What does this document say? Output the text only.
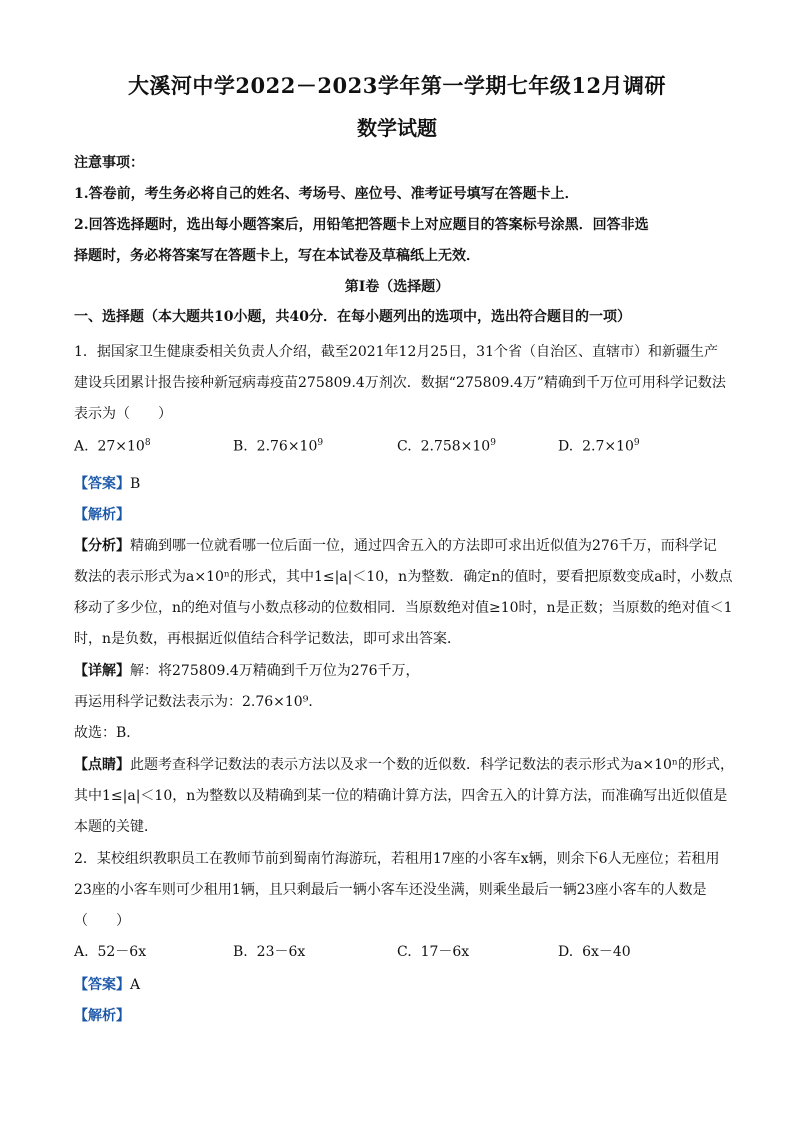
大溪河中学2022－2023学年第一学期七年级12月调研
数学试题
注意事项：
1.答卷前，考生务必将自己的姓名、考场号、座位号、准考证号填写在答题卡上．
2.回答选择题时，选出每小题答案后，用铅笔把答题卡上对应题目的答案标号涂黑．回答非选
择题时，务必将答案写在答题卡上，写在本试卷及草稿纸上无效．
第Ⅰ卷（选择题）
一、选择题（本大题共10小题，共40分．在每小题列出的选项中，选出符合题目的一项）
1．据国家卫生健康委相关负责人介绍，截至2021年12月25日，31个省（自治区、直辖市）和新疆生产
建设兵团累计报告接种新冠病毒疫苗275809.4万剂次．数据“275809.4万”精确到千万位可用科学记数法
表示为（　　）
A. $27\times 10^8$	B. $2.76\times 10^9$	C. $2.758\times 10^9$	D. $2.7\times 10^9$
【答案】B
【解析】
【分析】精确到哪一位就看哪一位后面一位，通过四舍五入的方法即可求出近似值为276千万，而科学记
数法的表示形式为a×10ⁿ的形式，其中1≤|a|＜10，n为整数．确定n的值时，要看把原数变成a时，小数点
移动了多少位，n的绝对值与小数点移动的位数相同．当原数绝对值≥10时，n是正数；当原数的绝对值＜1
时，n是负数，再根据近似值结合科学记数法，即可求出答案．
【详解】解：将275809.4万精确到千万位为276千万，
再运用科学记数法表示为：2.76×10⁹．
故选：B．
【点睛】此题考查科学记数法的表示方法以及求一个数的近似数．科学记数法的表示形式为a×10ⁿ的形式，
其中1≤|a|＜10，n为整数以及精确到某一位的精确计算方法，四舍五入的计算方法，而准确写出近似值是
本题的关键．
2．某校组织教职员工在教师节前到蜀南竹海游玩，若租用17座的小客车x辆，则余下6人无座位；若租用
23座的小客车则可少租用1辆，且只剩最后一辆小客车还没坐满，则乘坐最后一辆23座小客车的人数是
（　　）
A. 52－6x	B. 23－6x	C. 17－6x	D. 6x－40
【答案】A
【解析】
